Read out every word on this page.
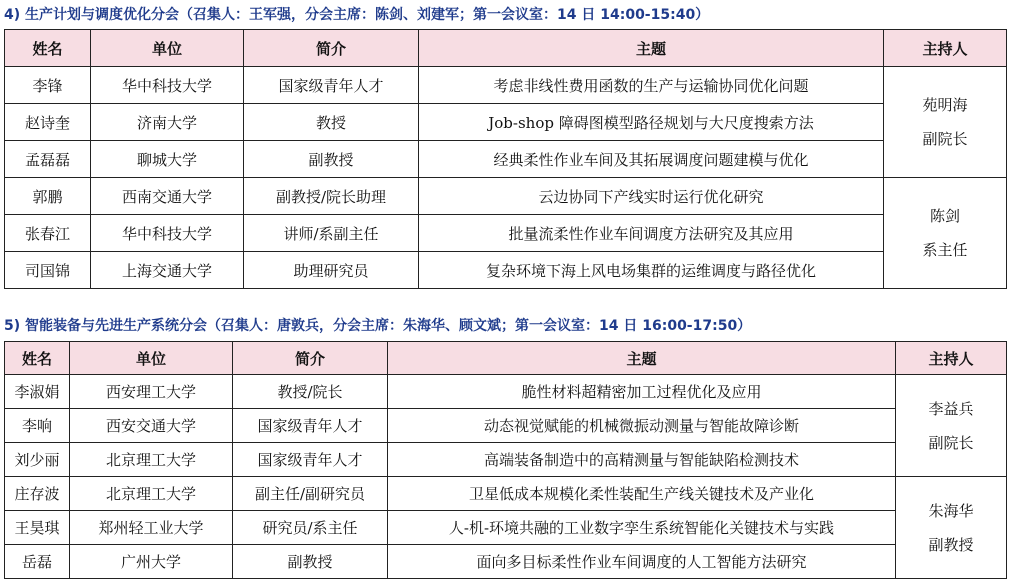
4) 生产计划与调度优化分会（召集人：王军强，分会主席：陈剑、刘建军；第一会议室：14 日 14:00-15:40）
姓名	单位	简介	主题	主持人
李锋	华中科技大学	国家级青年人才	考虑非线性费用函数的生产与运输协同优化问题	苑明海
副院长

赵诗奎	济南大学	教授	Job-shop 障碍图模型路径规划与大尺度搜索方法	
孟磊磊	聊城大学	副教授	经典柔性作业车间及其拓展调度问题建模与优化	
郭鹏	西南交通大学	副教授/院长助理	云边协同下产线实时运行优化研究	陈剑
系主任

张春江	华中科技大学	讲师/系副主任	批量流柔性作业车间调度方法研究及其应用	
司国锦	上海交通大学	助理研究员	复杂环境下海上风电场集群的运维调度与路径优化	
5) 智能装备与先进生产系统分会（召集人：唐敦兵，分会主席：朱海华、顾文斌；第一会议室：14 日 16:00-17:50）
姓名	单位	简介	主题	主持人
李淑娟	西安理工大学	教授/院长	脆性材料超精密加工过程优化及应用	李益兵
副院长

李响	西安交通大学	国家级青年人才	动态视觉赋能的机械微振动测量与智能故障诊断	
刘少丽	北京理工大学	国家级青年人才	高端装备制造中的高精测量与智能缺陷检测技术	
庄存波	北京理工大学	副主任/副研究员	卫星低成本规模化柔性装配生产线关键技术及产业化	朱海华
副教授

王昊琪	郑州轻工业大学	研究员/系主任	人-机-环境共融的工业数字孪生系统智能化关键技术与实践	
岳磊	广州大学	副教授	面向多目标柔性作业车间调度的人工智能方法研究	
